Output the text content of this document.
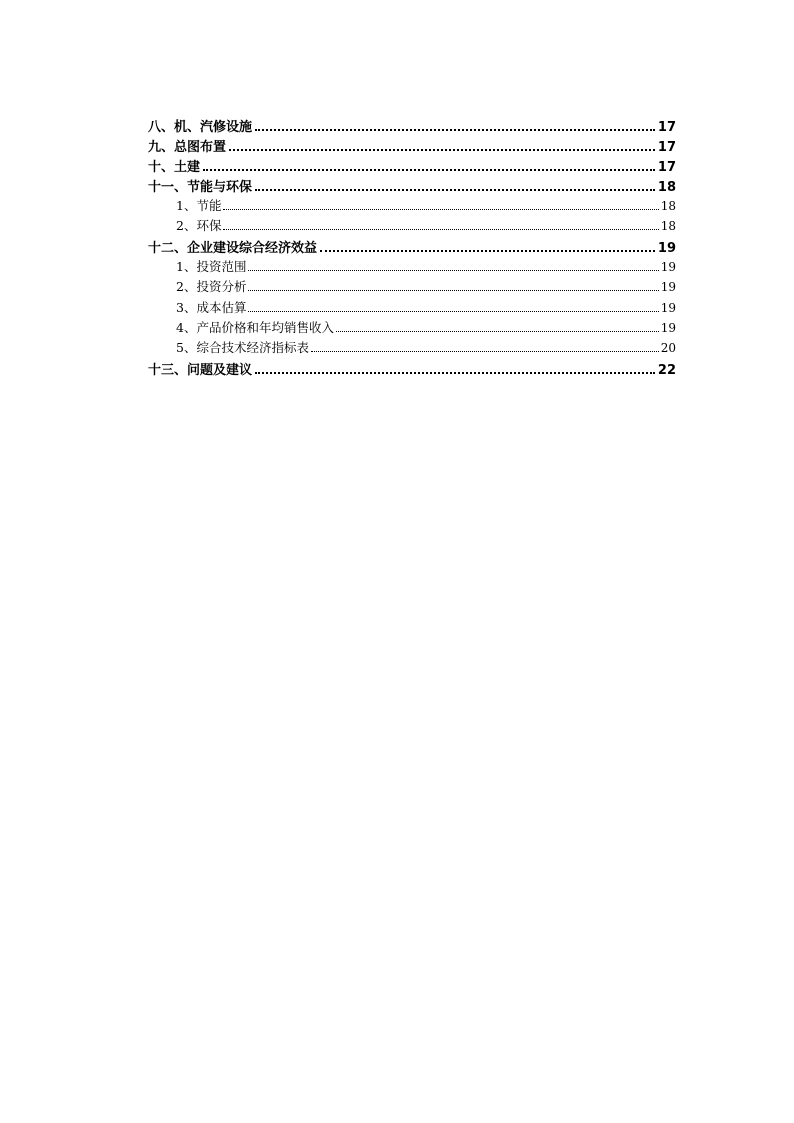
八、机、汽修设施	17
九、总图布置	17
十、土建	17
十一、节能与环保	18
1、节能	18
2、环保	18
十二、企业建设综合经济效益	19
1、投资范围	19
2、投资分析	19
3、成本估算	19
4、产品价格和年均销售收入	19
5、综合技术经济指标表	20
十三、问题及建议	22
